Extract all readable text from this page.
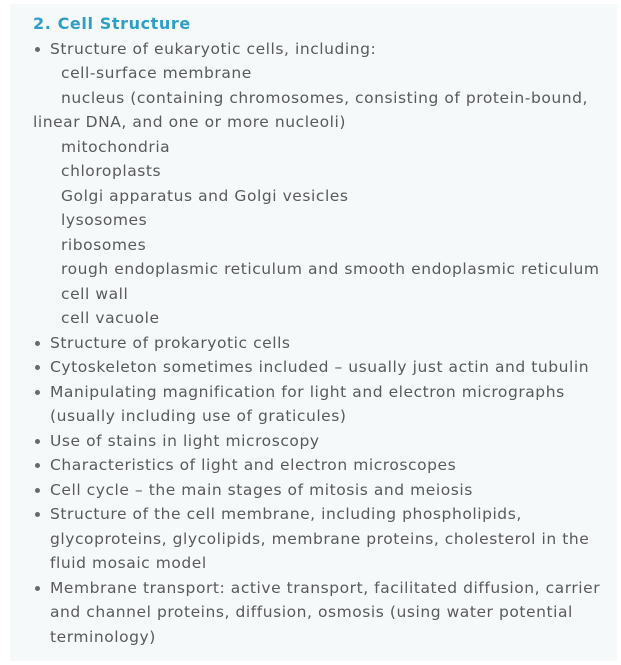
2. Cell Structure
Structure of eukaryotic cells, including:
cell-surface membrane
nucleus (containing chromosomes, consisting of protein-bound, linear DNA, and one or more nucleoli)
mitochondria
chloroplasts
Golgi apparatus and Golgi vesicles
lysosomes
ribosomes
rough endoplasmic reticulum and smooth endoplasmic reticulum
cell wall
cell vacuole
Structure of prokaryotic cells
Cytoskeleton sometimes included – usually just actin and tubulin
Manipulating magnification for light and electron micrographs (usually including use of graticules)
Use of stains in light microscopy
Characteristics of light and electron microscopes
Cell cycle – the main stages of mitosis and meiosis
Structure of the cell membrane, including phospholipids, glycoproteins, glycolipids, membrane proteins, cholesterol in the fluid mosaic model
Membrane transport: active transport, facilitated diffusion, carrier and channel proteins, diffusion, osmosis (using water potential terminology)
